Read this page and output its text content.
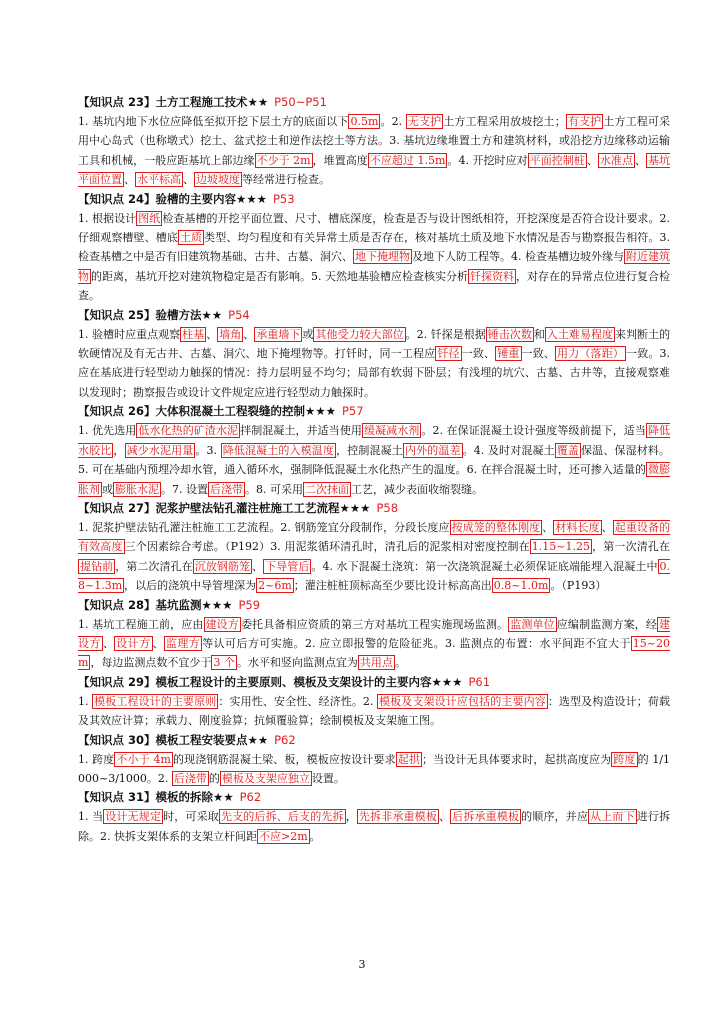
【知识点 23】土方工程施工技术★★ P50~P51
1. 基坑内地下水位应降低至拟开挖下层土方的底面以下 0.5m 。2. 无支护 土方工程采用放坡挖土； 有支护 土方工程可采用中心岛式（也称墩式）挖土、盆式挖土和逆作法挖土等方法。3. 基坑边缘堆置土方和建筑材料，或沿挖方边缘移动运输工具和机械，一般应距基坑上部边缘 不少于 2m ，堆置高度 不应超过 1.5m 。4. 开挖时应对 平面控制桩 、 水准点 、 基坑平面位置 、 水平标高 、 边坡坡度 等经常进行检查。
【知识点 24】验槽的主要内容★★★ P53
1. 根据设计 图纸 检查基槽的开挖平面位置、尺寸、槽底深度，检查是否与设计图纸相符，开挖深度是否符合设计要求。2. 仔细观察槽壁、槽底 土质 类型、均匀程度和有关异常土质是否存在，核对基坑土质及地下水情况是否与勘察报告相符。3. 检查基槽之中是否有旧建筑物基础、古井、古墓、洞穴、 地下掩埋物 及地下人防工程等。4. 检查基槽边坡外缘与 附近建筑物 的距离，基坑开挖对建筑物稳定是否有影响。5. 天然地基验槽应检查核实分析 钎探资料 ，对存在的异常点位进行复合检查。
【知识点 25】验槽方法★★ P54
1. 验槽时应重点观察 柱基 、 墙角 、 承重墙下 或 其他受力较大部位 。2. 钎探是根据 锤击次数 和 入土难易程度 来判断土的软硬情况及有无古井、古墓、洞穴、地下掩埋物等。打钎时，同一工程应 钎径 一致、 锤重 一致、 用力（落距） 一致。3. 应在基底进行轻型动力触探的情况：持力层明显不均匀；局部有软弱下卧层；有浅埋的坑穴、古墓、古井等，直接观察难以发现时；勘察报告或设计文件规定应进行轻型动力触探时。
【知识点 26】大体积混凝土工程裂缝的控制★★★ P57
1. 优先选用 低水化热的矿渣水泥 拌制混凝土，并适当使用 缓凝减水剂 。2. 在保证混凝土设计强度等级前提下，适当 降低水胶比 ， 减少水泥用量 。3. 降低混凝土的入模温度 ，控制混凝土 内外的温差 。4. 及时对混凝土 覆盖 保温、保湿材料。5. 可在基础内预埋冷却水管，通入循环水，强制降低混凝土水化热产生的温度。6. 在拌合混凝土时，还可掺入适量的 微膨胀剂 或 膨胀水泥 。7. 设置 后浇带 。8. 可采用 二次抹面 工艺，减少表面收缩裂缝。
【知识点 27】泥浆护壁法钻孔灌注桩施工工艺流程★★★ P58
1. 泥浆护壁法钻孔灌注桩施工工艺流程。2. 钢筋笼宜分段制作，分段长度应 按成笼的整体刚度 、 材料长度 、 起重设备的有效高度 三个因素综合考虑。（P192）3. 用泥浆循环清孔时，清孔后的泥浆相对密度控制在 1.15~1.25 ，第一次清孔在提钻前 ，第二次清孔在 沉放钢筋笼 、 下导管后 。4. 水下混凝土浇筑：第一次浇筑混凝土必须保证底端能埋入混凝土中 0.8~1.3m ，以后的浇筑中导管埋深为 2~6m ；灌注桩桩顶标高至少要比设计标高高出 0.8~1.0m 。（P193）
【知识点 28】基坑监测★★★ P59
1. 基坑工程施工前，应由 建设方 委托具备相应资质的第三方对基坑工程实施现场监测。 监测单位 应编制监测方案，经 建设方 、 设计方 、 监理方 等认可后方可实施。2. 应立即报警的危险征兆。3. 监测点的布置：水平间距不宜大于 15~20m ，每边监测点数不宜少于 3 个 。水平和竖向监测点宜为 共用点 。
【知识点 29】模板工程设计的主要原则、模板及支架设计的主要内容★★★ P61
1. 模板工程设计的主要原则 ：实用性、安全性、经济性。2. 模板及支架设计应包括的主要内容 ：选型及构造设计；荷载及其效应计算；承载力、刚度验算；抗倾覆验算；绘制模板及支架施工图。
【知识点 30】模板工程安装要点★★ P62
1. 跨度 不小于 4m 的现浇钢筋混凝土梁、板，模板应按设计要求 起拱 ；当设计无具体要求时，起拱高度应为 跨度 的 1/1000~3/1000。2. 后浇带 的 模板及支架应独立 设置。
【知识点 31】模板的拆除★★ P62
1. 当 设计无规定 时，可采取 先支的后拆、后支的先拆 ， 先拆非承重模板 、 后拆承重模板 的顺序，并应 从上而下 进行拆除。2. 快拆支架体系的支架立杆间距 不应>2m 。
3
